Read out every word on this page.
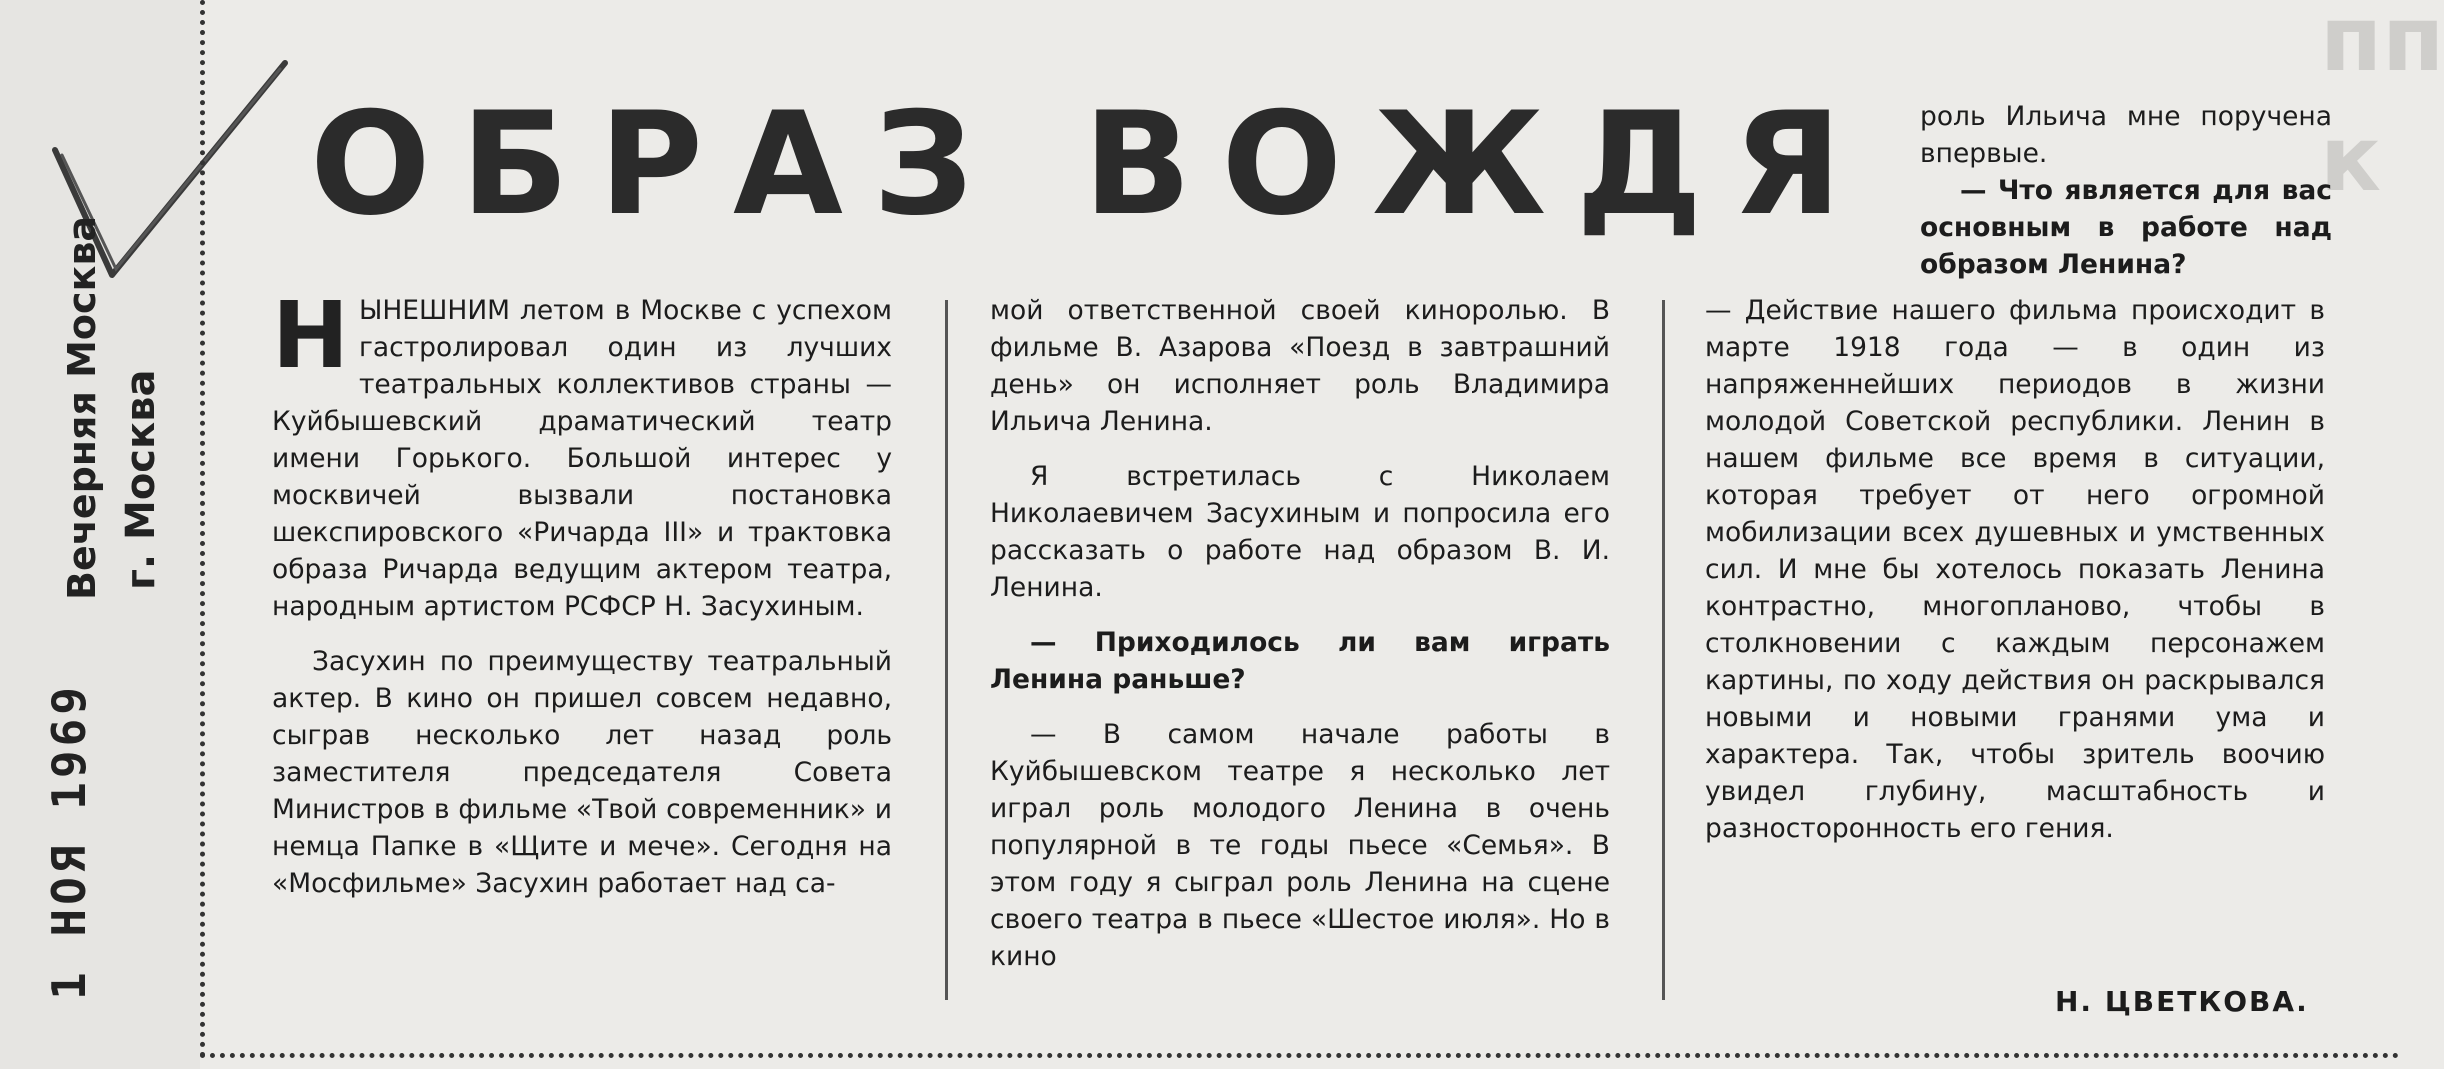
1 НОЯ 1969
Вечерняя Москва г. Москва
пп
к
ОБРАЗ ВОЖДЯ

НЫНЕШНИМ летом в Москве с успехом гастролировал один из лучших театральных коллективов страны — Куйбышевский драматический театр имени Горького. Большой интерес у москвичей вызвали постановка шекспировского «Ричарда III» и трактовка образа Ричарда ведущим актером театра, народным артистом РСФСР Н. Засухиным.

Засухин по преимуществу театральный актер. В кино он пришел совсем недавно, сыграв несколько лет назад роль заместителя председателя Совета Министров в фильме «Твой современник» и немца Папке в «Щите и мече». Сегодня на «Мосфильме» Засухин работает над са-

мой ответственной своей киноролью. В фильме В. Азарова «Поезд в завтрашний день» он исполняет роль Владимира Ильича Ленина.

Я встретилась с Николаем Николаевичем Засухиным и попросила его рассказать о работе над образом В. И. Ленина.

— Приходилось ли вам играть Ленина раньше?

— В самом начале работы в Куйбышевском театре я несколько лет играл роль молодого Ленина в очень популярной в те годы пьесе «Семья». В этом году я сыграл роль Ленина на сцене своего театра в пьесе «Шестое июля». Но в кино

роль Ильича мне поручена впервые.

— Что является для вас основным в работе над образом Ленина?

— Действие нашего фильма происходит в марте 1918 года — в один из напряженнейших периодов в жизни молодой Советской республики. Ленин в нашем фильме все время в ситуации, которая требует от него огромной мобилизации всех душевных и умственных сил. И мне бы хотелось показать Ленина контрастно, многопланово, чтобы в столкновении с каждым персонажем картины, по ходу действия он раскрывался новыми и новыми гранями ума и характера. Так, чтобы зритель воочию увидел глубину, масштабность и разносторонность его гения.

Н. ЦВЕТКОВА.
